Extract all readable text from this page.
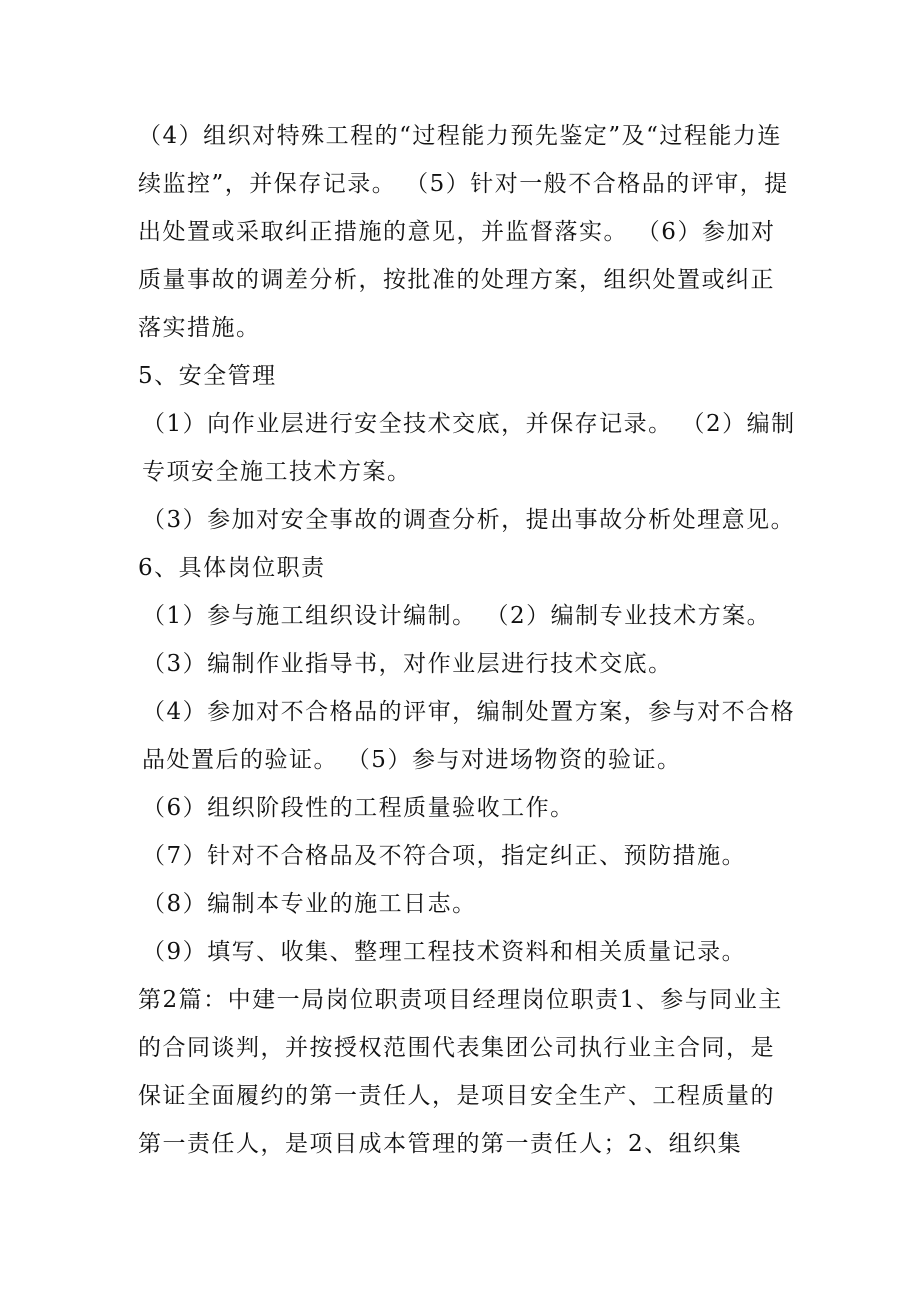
（4）组织对特殊工程的“过程能力预先鉴定”及“过程能力连续监控”，并保存记录。 （5）针对一般不合格品的评审，提出处置或采取纠正措施的意见，并监督落实。 （6）参加对质量事故的调差分析，按批准的处理方案，组织处置或纠正落实措施。

5、安全管理

（1）向作业层进行安全技术交底，并保存记录。 （2）编制专项安全施工技术方案。

（3）参加对安全事故的调查分析，提出事故分析处理意见。

6、具体岗位职责

（1）参与施工组织设计编制。 （2）编制专业技术方案。

（3）编制作业指导书，对作业层进行技术交底。

（4）参加对不合格品的评审，编制处置方案，参与对不合格品处置后的验证。 （5）参与对进场物资的验证。

（6）组织阶段性的工程质量验收工作。

（7）针对不合格品及不符合项，指定纠正、预防措施。

（8）编制本专业的施工日志。

（9）填写、收集、整理工程技术资料和相关质量记录。

第2篇：中建一局岗位职责项目经理岗位职责1、参与同业主的合同谈判，并按授权范围代表集团公司执行业主合同，是保证全面履约的第一责任人，是项目安全生产、工程质量的第一责任人，是项目成本管理的第一责任人；2、组织集
